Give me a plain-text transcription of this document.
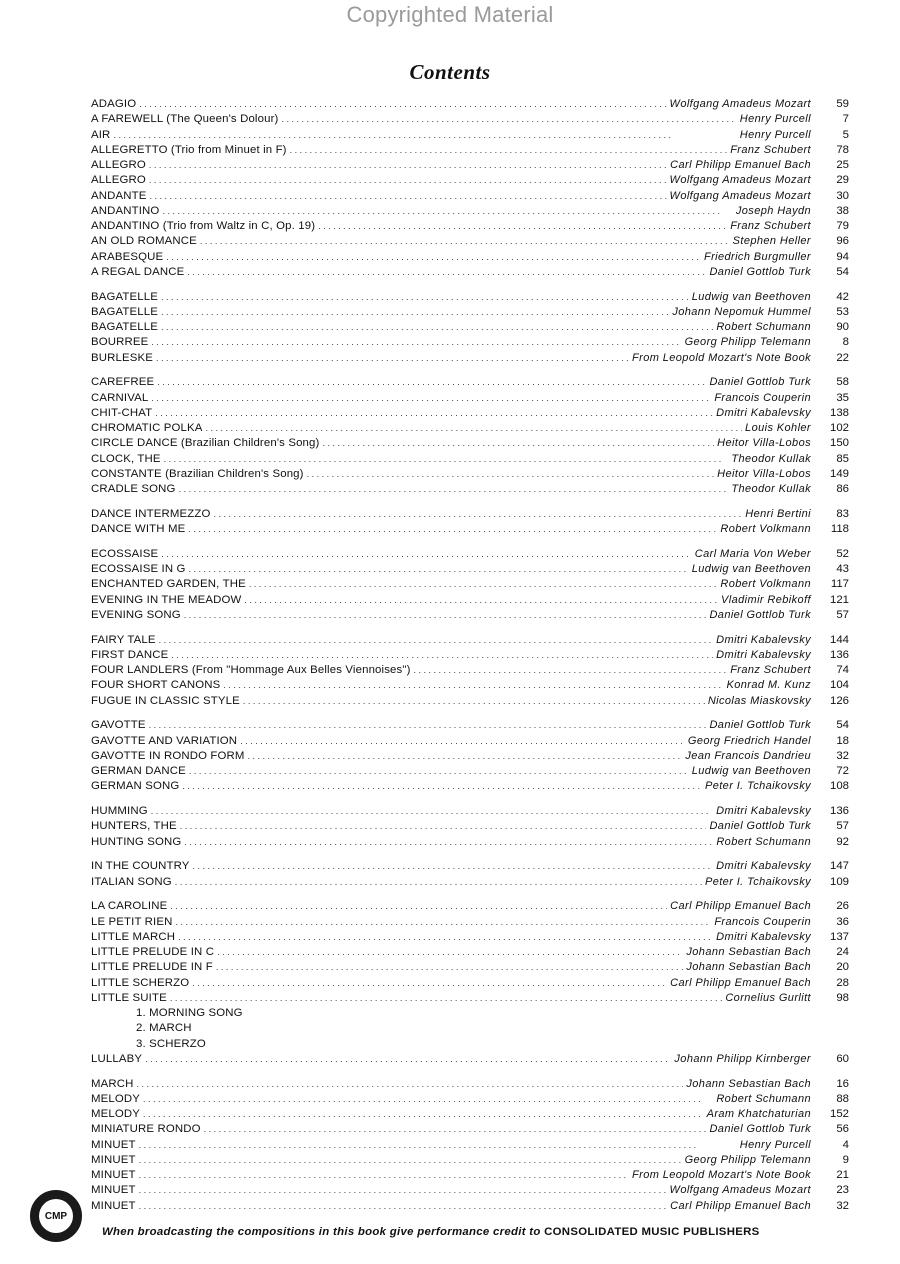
Copyrighted Material
Contents
ADAGIO . . .	Wolfgang Amadeus Mozart	59
A FAREWELL (The Queen's Dolour) . . .	Henry Purcell	7
AIR . . .	Henry Purcell	5
ALLEGRETTO (Trio from Minuet in F) . . .	Franz Schubert	78
ALLEGRO . . .	Carl Philipp Emanuel Bach	25
ALLEGRO . . .	Wolfgang Amadeus Mozart	29
ANDANTE . . .	Wolfgang Amadeus Mozart	30
ANDANTINO . . .	Joseph Haydn	38
ANDANTINO (Trio from Waltz in C, Op. 19) . . .	Franz Schubert	79
AN OLD ROMANCE . . .	Stephen Heller	96
ARABESQUE . . .	Friedrich Burgmuller	94
A REGAL DANCE . . .	Daniel Gottlob Turk	54
BAGATELLE . . .	Ludwig van Beethoven	42
BAGATELLE . . .	Johann Nepomuk Hummel	53
BAGATELLE . . .	Robert Schumann	90
BOURREE . . .	Georg Philipp Telemann	8
BURLESKE . . .	From Leopold Mozart's Note Book	22
CAREFREE . . .	Daniel Gottlob Turk	58
CARNIVAL . . .	Francois Couperin	35
CHIT-CHAT . . .	Dmitri Kabalevsky	138
CHROMATIC POLKA . . .	Louis Kohler	102
CIRCLE DANCE (Brazilian Children's Song) . . .	Heitor Villa-Lobos	150
CLOCK, THE . . .	Theodor Kullak	85
CONSTANTE (Brazilian Children's Song) . . .	Heitor Villa-Lobos	149
CRADLE SONG . . .	Theodor Kullak	86
DANCE INTERMEZZO . . .	Henri Bertini	83
DANCE WITH ME . . .	Robert Volkmann	118
ECOSSAISE . . .	Carl Maria Von Weber	52
ECOSSAISE IN G . . .	Ludwig van Beethoven	43
ENCHANTED GARDEN, THE . . .	Robert Volkmann	117
EVENING IN THE MEADOW . . .	Vladimir Rebikoff	121
EVENING SONG . . .	Daniel Gottlob Turk	57
FAIRY TALE . . .	Dmitri Kabalevsky	144
FIRST DANCE . . .	Dmitri Kabalevsky	136
FOUR LANDLERS (From "Hommage Aux Belles Viennoises") . . .	Franz Schubert	74
FOUR SHORT CANONS . . .	Konrad M. Kunz	104
FUGUE IN CLASSIC STYLE . . .	Nicolas Miaskovsky	126
GAVOTTE . . .	Daniel Gottlob Turk	54
GAVOTTE AND VARIATION . . .	Georg Friedrich Handel	18
GAVOTTE IN RONDO FORM . . .	Jean Francois Dandrieu	32
GERMAN DANCE . . .	Ludwig van Beethoven	72
GERMAN SONG . . .	Peter I. Tchaikovsky	108
HUMMING . . .	Dmitri Kabalevsky	136
HUNTERS, THE . . .	Daniel Gottlob Turk	57
HUNTING SONG . . .	Robert Schumann	92
IN THE COUNTRY . . .	Dmitri Kabalevsky	147
ITALIAN SONG . . .	Peter I. Tchaikovsky	109
LA CAROLINE . . .	Carl Philipp Emanuel Bach	26
LE PETIT RIEN . . .	Francois Couperin	36
LITTLE MARCH . . .	Dmitri Kabalevsky	137
LITTLE PRELUDE IN C . . .	Johann Sebastian Bach	24
LITTLE PRELUDE IN F . . .	Johann Sebastian Bach	20
LITTLE SCHERZO . . .	Carl Philipp Emanuel Bach	28
LITTLE SUITE . . .	Cornelius Gurlitt	98
1. MORNING SONG
2. MARCH
3. SCHERZO
LULLABY . . .	Johann Philipp Kirnberger	60
MARCH . . .	Johann Sebastian Bach	16
MELODY . . .	Robert Schumann	88
MELODY . . .	Aram Khatchaturian	152
MINIATURE RONDO . . .	Daniel Gottlob Turk	56
MINUET . . .	Henry Purcell	4
MINUET . . .	Georg Philipp Telemann	9
MINUET . . .	From Leopold Mozart's Note Book	21
MINUET . . .	Wolfgang Amadeus Mozart	23
MINUET . . .	Carl Philipp Emanuel Bach	32
CMP
When broadcasting the compositions in this book give performance credit to CONSOLIDATED MUSIC PUBLISHERS
